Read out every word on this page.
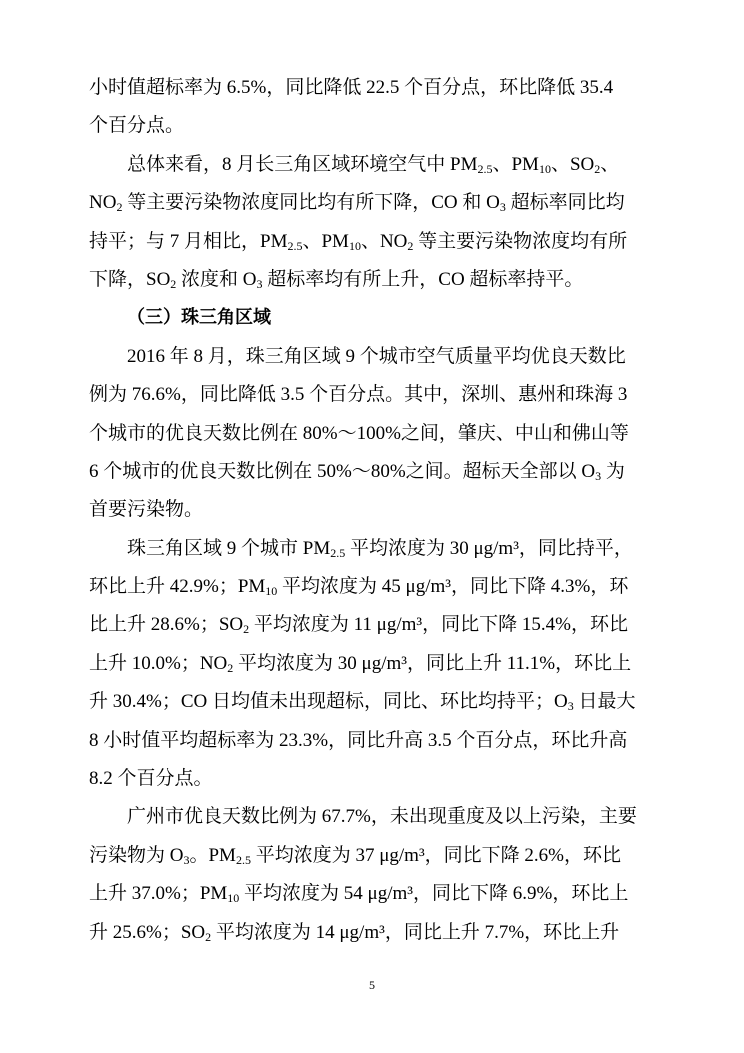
小时值超标率为 6.5%，同比降低 22.5 个百分点，环比降低 35.4
个百分点。
总体来看，8 月长三角区域环境空气中 $PM_{2.5}$、$PM_{10}$、$SO_2$、
$NO_2$ 等主要污染物浓度同比均有所下降，CO 和 $O_3$ 超标率同比均
持平；与 7 月相比，$PM_{2.5}$、$PM_{10}$、$NO_2$ 等主要污染物浓度均有所
下降，$SO_2$ 浓度和 $O_3$ 超标率均有所上升，CO 超标率持平。
（三）珠三角区域
2016 年 8 月，珠三角区域 9 个城市空气质量平均优良天数比
例为 76.6%，同比降低 3.5 个百分点。其中，深圳、惠州和珠海 3
个城市的优良天数比例在 80%～100%之间，肇庆、中山和佛山等
6 个城市的优良天数比例在 50%～80%之间。超标天全部以 $O_3$ 为
首要污染物。
珠三角区域 9 个城市 $PM_{2.5}$ 平均浓度为 30 μg/m³，同比持平，
环比上升 42.9%；$PM_{10}$ 平均浓度为 45 μg/m³，同比下降 4.3%，环
比上升 28.6%；$SO_2$ 平均浓度为 11 μg/m³，同比下降 15.4%，环比
上升 10.0%；$NO_2$ 平均浓度为 30 μg/m³，同比上升 11.1%，环比上
升 30.4%；CO 日均值未出现超标，同比、环比均持平；$O_3$ 日最大
8 小时值平均超标率为 23.3%，同比升高 3.5 个百分点，环比升高
8.2 个百分点。
广州市优良天数比例为 67.7%，未出现重度及以上污染，主要
污染物为 $O_3$。$PM_{2.5}$ 平均浓度为 37 μg/m³，同比下降 2.6%，环比
上升 37.0%；$PM_{10}$ 平均浓度为 54 μg/m³，同比下降 6.9%，环比上
升 25.6%；$SO_2$ 平均浓度为 14 μg/m³，同比上升 7.7%，环比上升
5
